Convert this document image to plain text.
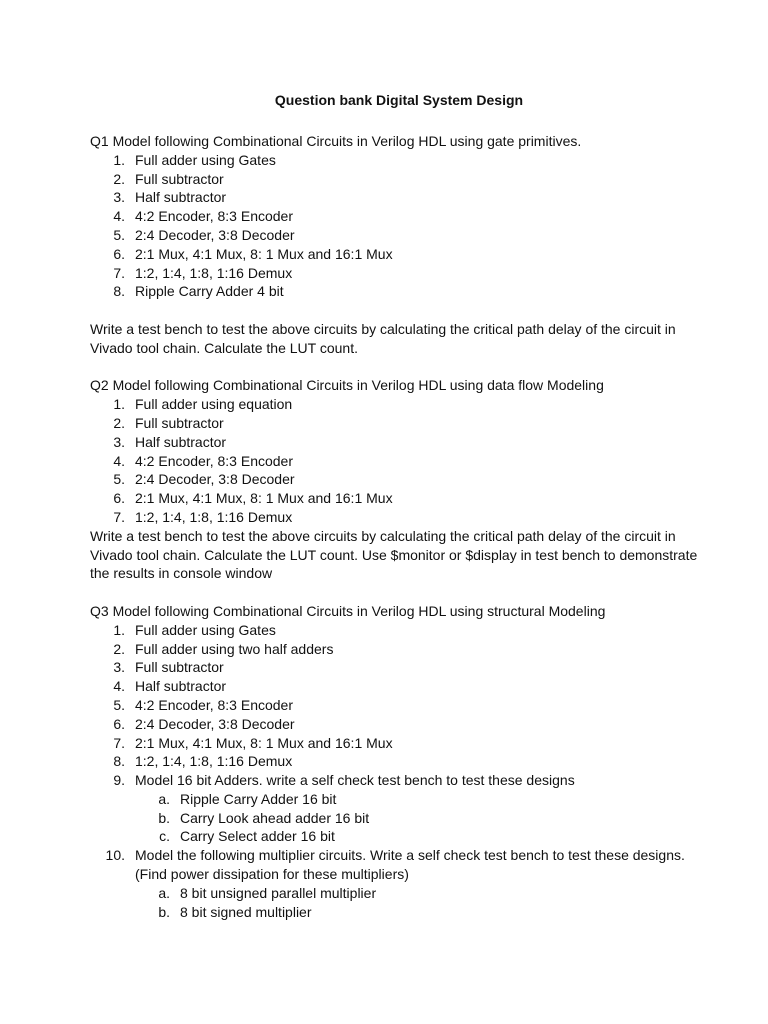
Question bank Digital System Design

Q1 Model following Combinational Circuits in Verilog HDL using gate primitives.

1. Full adder using Gates
2. Full subtractor
3. Half subtractor
4. 4:2 Encoder, 8:3 Encoder
5. 2:4 Decoder, 3:8 Decoder
6. 2:1 Mux, 4:1 Mux, 8: 1 Mux and 16:1 Mux
7. 1:2, 1:4, 1:8, 1:16 Demux
8. Ripple Carry Adder 4 bit

Write a test bench to test the above circuits by calculating the critical path delay of the circuit in Vivado tool chain. Calculate the LUT count.

Q2 Model following Combinational Circuits in Verilog HDL using data flow Modeling

1. Full adder using equation
2. Full subtractor
3. Half subtractor
4. 4:2 Encoder, 8:3 Encoder
5. 2:4 Decoder, 3:8 Decoder
6. 2:1 Mux, 4:1 Mux, 8: 1 Mux and 16:1 Mux
7. 1:2, 1:4, 1:8, 1:16 Demux

Write a test bench to test the above circuits by calculating the critical path delay of the circuit in Vivado tool chain. Calculate the LUT count. Use $monitor or $display in test bench to demonstrate the results in console window

Q3 Model following Combinational Circuits in Verilog HDL using structural Modeling

1. Full adder using Gates
2. Full adder using two half adders
3. Full subtractor
4. Half subtractor
5. 4:2 Encoder, 8:3 Encoder
6. 2:4 Decoder, 3:8 Decoder
7. 2:1 Mux, 4:1 Mux, 8: 1 Mux and 16:1 Mux
8. 1:2, 1:4, 1:8, 1:16 Demux
9. Model 16 bit Adders. write a self check test bench to test these designs
a. Ripple Carry Adder 16 bit
b. Carry Look ahead adder 16 bit
c. Carry Select adder 16 bit
10. Model the following multiplier circuits. Write a self check test bench to test these designs. (Find power dissipation for these multipliers)
a. 8 bit unsigned parallel multiplier
b. 8 bit signed multiplier
